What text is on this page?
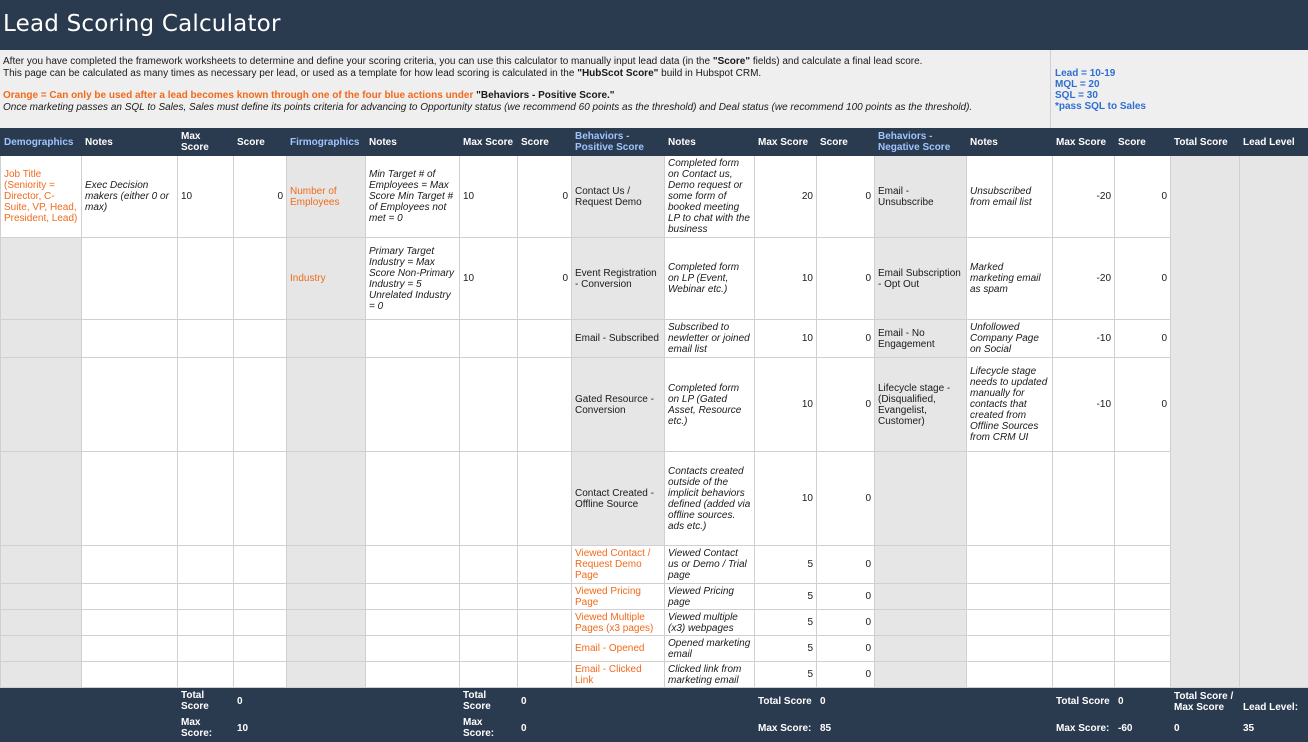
Lead Scoring Calculator
After you have completed the framework worksheets to determine and define your scoring criteria, you can use this calculator to manually input lead data (in the "Score" fields) and calculate a final lead score.
This page can be calculated as many times as necessary per lead, or used as a template for how lead scoring is calculated in the "HubScot Score" build in Hubspot CRM.
Orange = Can only be used after a lead becomes known through one of the four blue actions under "Behaviors - Positive Score."
Once marketing passes an SQL to Sales, Sales must define its points criteria for advancing to Opportunity status (we recommend 60 points as the threshold) and Deal status (we recommend 100 points as the threshold).
Lead = 10-19
MQL = 20
SQL = 30
*pass SQL to Sales
Demographics	Notes	Max Score	Score	Firmographics	Notes	Max Score	Score	Behaviors - Positive Score	Notes	Max Score	Score	Behaviors - Negative Score	Notes	Max Score	Score	Total Score	Lead Level
Job Title (Seniority = Director, C-Suite, VP, Head, President, Lead)	Exec Decision makers (either 0 or max)	10	0	Number of Employees	Min Target # of Employees = Max Score Min Target # of Employees not met = 0	10	0	Contact Us / Request Demo	Completed form on Contact us, Demo request or some form of booked meeting LP to chat with the business	20	0	Email - Unsubscribe	Unsubscribed from email list	-20	0		
				Industry	Primary Target Industry = Max Score Non-Primary Industry = 5 Unrelated Industry = 0	10	0	Event Registration - Conversion	Completed form on LP (Event, Webinar etc.)	10	0	Email Subscription - Opt Out	Marked marketing email as spam	-20	0		
								Email - Subscribed	Subscribed to newletter or joined email list	10	0	Email - No Engagement	Unfollowed Company Page on Social	-10	0		
								Gated Resource - Conversion	Completed form on LP (Gated Asset, Resource etc.)	10	0	Lifecycle stage - (Disqualified, Evangelist, Customer)	Lifecycle stage needs to updated manually for contacts that created from Offline Sources from CRM UI	-10	0		
								Contact Created - Offline Source	Contacts created outside of the implicit behaviors defined (added via offline sources. ads etc.)	10	0						
								Viewed Contact / Request Demo Page	Viewed Contact us or Demo / Trial page	5	0						
								Viewed Pricing Page	Viewed Pricing page	5	0						
								Viewed Multiple Pages (x3 pages)	Viewed multiple (x3) webpages	5	0						
								Email - Opened	Opened marketing email	5	0						
								Email - Clicked Link	Clicked link from marketing email	5	0						
		Total Score	0			Total Score	0			Total Score	0			Total Score	0	Total Score / Max Score	Lead Level:
		Max Score:	10			Max Score:	0			Max Score:	85			Max Score:	-60	0	35
